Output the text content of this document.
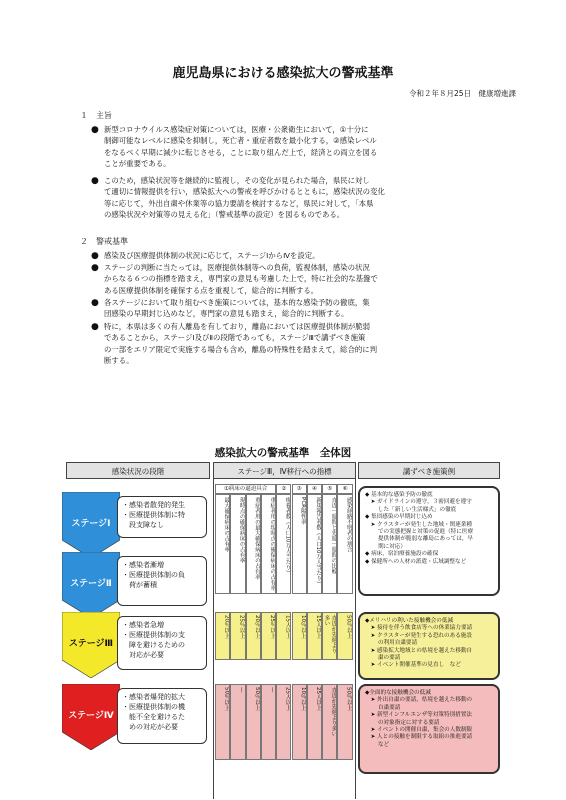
鹿児島県における感染拡大の警戒基準
令和２年８月25日　健康増進課
１　主旨
● 新型コロナウイルス感染症対策については，医療・公衆衛生において，①十分に
制御可能なレベルに感染を抑制し，死亡者・重症者数を最小化する，②感染レベル
をなるべく早期に減少に転じさせる，ことに取り組んだ上で，経済との両立を図る
ことが重要である。
● このため，感染状況等を継続的に監視し，その変化が見られた場合，県民に対し
て適切に情報提供を行い，感染拡大への警戒を呼びかけるとともに，感染状況の変化
等に応じて，外出自粛や休業等の協力要請を検討するなど，県民に対して，「本県
の感染状況や対策等の見える化」（警戒基準の設定）を図るものである。
２　警戒基準
● 感染及び医療提供体制の状況に応じて，ステージⅠからⅣを設定。
● ステージの判断に当たっては，医療提供体制等への負荷，監視体制，感染の状況
からなる６つの指標を踏まえ，専門家の意見も考慮した上で，特に社会的な基盤で
ある医療提供体制を確保する点を重視して，総合的に判断する。
● 各ステージにおいて取り組むべき施策については，基本的な感染予防の徹底，集
団感染の早期封じ込めなど，専門家の意見も踏まえ，総合的に判断する。
● 特に，本県は多くの有人離島を有しており，離島においては医療提供体制が脆弱
であることから，ステージⅠ及びⅡの段階であっても，ステージⅢで講ずべき施策
の一部をエリア限定で実施する場合も含め，離島の特殊性を踏まえて，総合的に判
断する。
感染拡大の警戒基準　全体図
感染状況の段階	ステージⅢ，Ⅳ移行への指標	講ずべき施策例
ステージⅠ
・感染者散発的発生
・医療提供体制に特
　段支障なし
ステージⅡ
・感染者漸増
・医療提供体制の負
　荷が蓄積
ステージⅢ
・感染者急増
・医療提供体制の支
　障を避けるための
　対応が必要
ステージⅣ
・感染者爆発的拡大
・医療提供体制の機
　能不全を避けるた
　めの対応が必要
①病床の逼迫具合	②	③	④	⑤	⑥
最大確保病床の占有率	現時点の確保病床の占有率	重症者用の最大確保病床の占有率	重症者用の現時点の確保病床の占有率	療養者数（人口10万人当たり）	PCR陽性率	新規報告者数（人口10万人当たり）	直近一週間と先週一週間の比較	感染経路不明者の割合
20％以上	25％以上	20％以上	25％以上	15人以上	10％以上	15人以上	直近が先週より多い	50％以上
50％以上	—	50％以上	—	25人以上	10％以上	25人以上	直近が先週より多い	50％以上
◆ 基本的な感染予防の徹底
　➤ ガイドラインの遵守，３密回避を遵守
　　 した「新しい生活様式」の徹底
◆ 集団感染の早期封じ込め
　➤ クラスターが発生した地域・関連業種
　　 での実態把握と対策の促進（特に医療
　　 提供体制が脆弱な離島にあっては，早
　　 期に対応）
◆ 病床，宿泊療養施設の確保
◆ 保健所への人材の派遣・広域調整など
◆メリハリの利いた接触機会の低減
　➤ 接待を伴う飲食店等への休業協力要請
　➤ クラスターが発生する恐れのある施設
　　 の利用自粛要請
　➤ 感染拡大地域との県境を越えた移動自
　　 粛の要請
　➤ イベント開催基準の見直し　など
◆全面的な接触機会の低減
　➤ 外出自粛の要請，県境を越えた移動の
　　 自粛要請
　➤ 新型インフルエンザ等対策特別措置法
　　 の対象指定に対する要請
　➤ イベントの開催自粛，集会の人数制限
　➤ 人との接触を制限する取組の推進要請
　　 など
